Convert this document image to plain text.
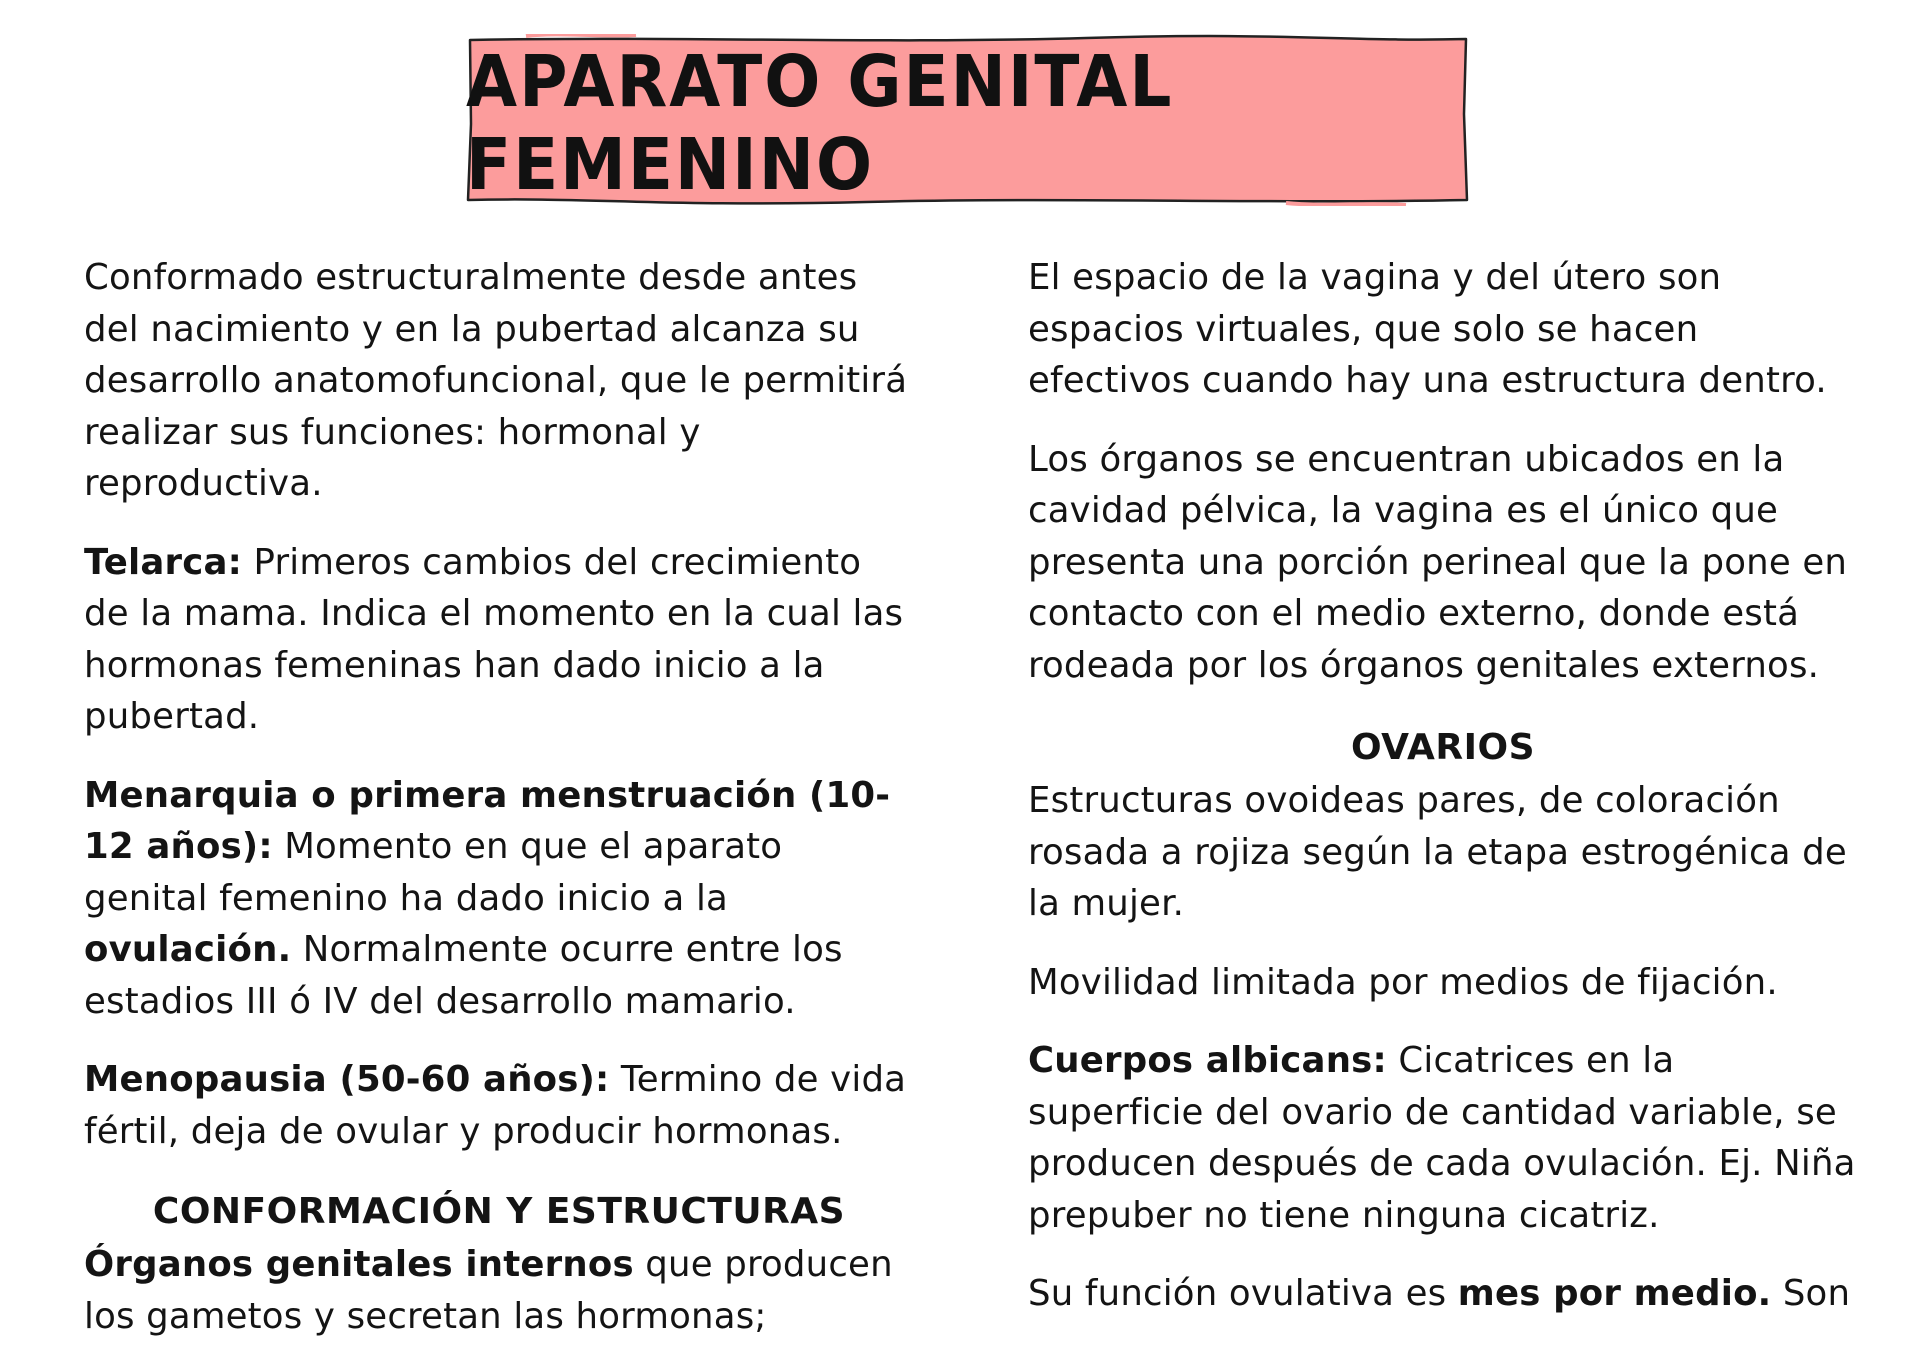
APARATO GENITAL FEMENINO

Conformado estructuralmente desde antes del nacimiento y en la pubertad alcanza su desarrollo anatomofuncional, que le permitirá realizar sus funciones: hormonal y reproductiva.

Telarca: Primeros cambios del crecimiento de la mama. Indica el momento en la cual las hormonas femeninas han dado inicio a la pubertad.

Menarquia o primera menstruación (10-12 años): Momento en que el aparato genital femenino ha dado inicio a la ovulación. Normalmente ocurre entre los estadios III ó IV del desarrollo mamario.

Menopausia (50-60 años): Termino de vida fértil, deja de ovular y producir hormonas.

CONFORMACIÓN Y ESTRUCTURAS

Órganos genitales internos que producen los gametos y secretan las hormonas;

El espacio de la vagina y del útero son espacios virtuales, que solo se hacen efectivos cuando hay una estructura dentro.

Los órganos se encuentran ubicados en la cavidad pélvica, la vagina es el único que presenta una porción perineal que la pone en contacto con el medio externo, donde está rodeada por los órganos genitales externos.

OVARIOS

Estructuras ovoideas pares, de coloración rosada a rojiza según la etapa estrogénica de la mujer.

Movilidad limitada por medios de fijación.

Cuerpos albicans: Cicatrices en la superficie del ovario de cantidad variable, se producen después de cada ovulación. Ej. Niña prepuber no tiene ninguna cicatriz.

Su función ovulativa es mes por medio. Son
